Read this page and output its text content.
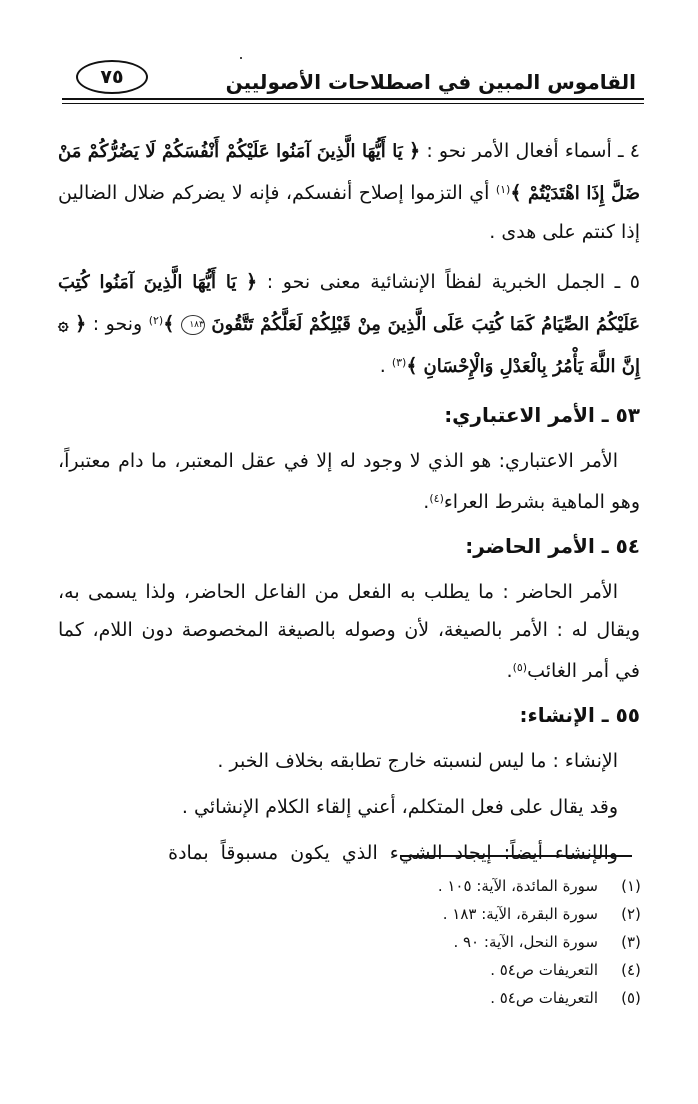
٧٥	القاموس المبين في اصطلاحات الأصوليين

٤ ـ أسماء أفعال الأمر نحو : ﴿ يَا أَيُّهَا الَّذِينَ آمَنُوا عَلَيْكُمْ أَنْفُسَكُمْ لَا يَضُرُّكُمْ مَنْ ضَلَّ إِذَا اهْتَدَيْتُمْ ﴾$^{(١)}$ أي التزموا إصلاح أنفسكم، فإنه لا يضركم ضلال الضالين إذا كنتم على هدى .

٥ ـ الجمل الخبرية لفظاً الإنشائية معنى نحو : ﴿ يَا أَيُّهَا الَّذِينَ آمَنُوا كُتِبَ عَلَيْكُمُ الصِّيَامُ كَمَا كُتِبَ عَلَى الَّذِينَ مِنْ قَبْلِكُمْ لَعَلَّكُمْ تَتَّقُونَ ١٨٣ ﴾$^{(٢)}$ ونحو : ﴿ ۞ إِنَّ اللَّهَ يَأْمُرُ بِالْعَدْلِ وَالْإِحْسَانِ ﴾$^{(٣)}$ .

٥٣ ـ الأمر الاعتباري:

الأمر الاعتباري: هو الذي لا وجود له إلا في عقل المعتبر، ما دام معتبراً، وهو الماهية بشرط العراء$^{(٤)}$.

٥٤ ـ الأمر الحاضر:

الأمر الحاضر : ما يطلب به الفعل من الفاعل الحاضر، ولذا يسمى به، ويقال له : الأمر بالصيغة، لأن وصوله بالصيغة المخصوصة دون اللام، كما في أمر الغائب$^{(٥)}$.

٥٥ ـ الإنشاء:

الإنشاء : ما ليس لنسبته خارج تطابقه بخلاف الخبر .

وقد يقال على فعل المتكلم، أعني إلقاء الكلام الإنشائي .

والإنشاء أيضاً: إيجاد الشيء الذي يكون مسبوقاً بمادة

(١)
سورة المائدة، الآية: ١٠٥ .
(٢)
سورة البقرة، الآية: ١٨٣ .
(٣)
سورة النحل، الآية: ٩٠ .
(٤)
التعريفات ص٥٤ .
(٥)
التعريفات ص٥٤ .
